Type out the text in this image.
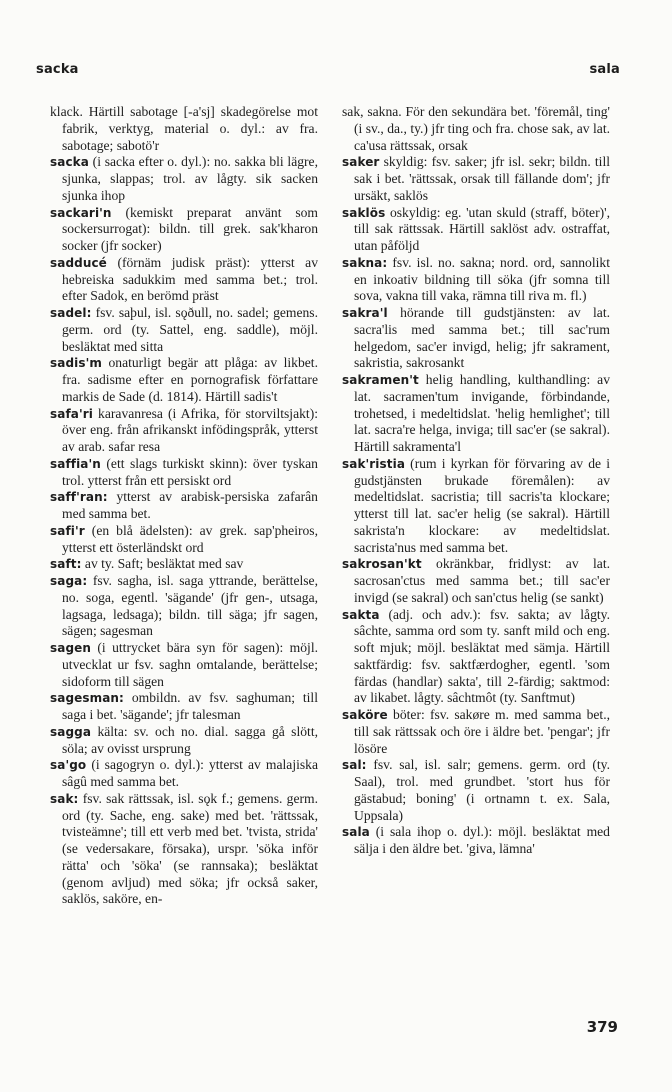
sacka	sala

klack. Härtill sabotage [-a'sj] skadegörelse mot fabrik, verktyg, material o. dyl.: av fra. sabotage; sabotö'r

sacka (i sacka efter o. dyl.): no. sakka bli lägre, sjunka, slappas; trol. av lågty. sik sacken sjunka ihop

sackari'n (kemiskt preparat använt som sockersurrogat): bildn. till grek. sak'kharon socker (jfr socker)

sadducé (förnäm judisk präst): ytterst av hebreiska sadukkim med samma bet.; trol. efter Sadok, en berömd präst

sadel: fsv. saþul, isl. sǫðull, no. sadel; gemens. germ. ord (ty. Sattel, eng. saddle), möjl. besläktat med sitta

sadis'm onaturligt begär att plåga: av likbet. fra. sadisme efter en pornografisk författare markis de Sade (d. 1814). Härtill sadis't

safa'ri karavanresa (i Afrika, för storviltsjakt): över eng. från afrikanskt infödingspråk, ytterst av arab. safar resa

saffia'n (ett slags turkiskt skinn): över tyskan trol. ytterst från ett persiskt ord

saff'ran: ytterst av arabisk-persiska zafarân med samma bet.

safi'r (en blå ädelsten): av grek. sap'pheiros, ytterst ett österländskt ord

saft: av ty. Saft; besläktat med sav

saga: fsv. sagha, isl. saga yttrande, berättelse, no. soga, egentl. 'sägande' (jfr gen-, utsaga, lagsaga, ledsaga); bildn. till säga; jfr sagen, sägen; sagesman

sagen (i uttrycket bära syn för sagen): möjl. utvecklat ur fsv. saghn omtalande, berättelse; sidoform till sägen

sagesman: ombildn. av fsv. saghuman; till saga i bet. 'sägande'; jfr talesman

sagga kälta: sv. och no. dial. sagga gå slött, söla; av ovisst ursprung

sa'go (i sagogryn o. dyl.): ytterst av malajiska sâgû med samma bet.

sak: fsv. sak rättssak, isl. sǫk f.; gemens. germ. ord (ty. Sache, eng. sake) med bet. 'rättssak, tvisteämne'; till ett verb med bet. 'tvista, strida' (se vedersakare, försaka), urspr. 'söka inför rätta' och 'söka' (se rannsaka); besläktat (genom avljud) med söka; jfr också saker, saklös, saköre, en-

sak, sakna. För den sekundära bet. 'föremål, ting' (i sv., da., ty.) jfr ting och fra. chose sak, av lat. ca'usa rättssak, orsak

saker skyldig: fsv. saker; jfr isl. sekr; bildn. till sak i bet. 'rättssak, orsak till fällande dom'; jfr ursäkt, saklös

saklös oskyldig: eg. 'utan skuld (straff, böter)', till sak rättssak. Härtill saklöst adv. ostraffat, utan påföljd

sakna: fsv. isl. no. sakna; nord. ord, sannolikt en inkoativ bildning till söka (jfr somna till sova, vakna till vaka, rämna till riva m. fl.)

sakra'l hörande till gudstjänsten: av lat. sacra'lis med samma bet.; till sac'rum helgedom, sac'er invigd, helig; jfr sakrament, sakristia, sakrosankt

sakramen't helig handling, kulthandling: av lat. sacramen'tum invigande, förbindande, trohetsed, i medeltidslat. 'helig hemlighet'; till lat. sacra're helga, inviga; till sac'er (se sakral). Härtill sakramenta'l

sak'ristia (rum i kyrkan för förvaring av de i gudstjänsten brukade föremålen): av medeltidslat. sacristia; till sacris'ta klockare; ytterst till lat. sac'er helig (se sakral). Härtill sakrista'n klockare: av medeltidslat. sacrista'nus med samma bet.

sakrosan'kt okränkbar, fridlyst: av lat. sacrosan'ctus med samma bet.; till sac'er invigd (se sakral) och san'ctus helig (se sankt)

sakta (adj. och adv.): fsv. sakta; av lågty. sâchte, samma ord som ty. sanft mild och eng. soft mjuk; möjl. besläktat med sämja. Härtill saktfärdig: fsv. saktfærdogher, egentl. 'som färdas (handlar) sakta', till 2-färdig; saktmod: av likabet. lågty. sâchtmôt (ty. Sanftmut)

saköre böter: fsv. sakøre m. med samma bet., till sak rättssak och öre i äldre bet. 'pengar'; jfr lösöre

sal: fsv. sal, isl. salr; gemens. germ. ord (ty. Saal), trol. med grundbet. 'stort hus för gästabud; boning' (i ortnamn t. ex. Sala, Uppsala)

sala (i sala ihop o. dyl.): möjl. besläktat med sälja i den äldre bet. 'giva, lämna'

379
